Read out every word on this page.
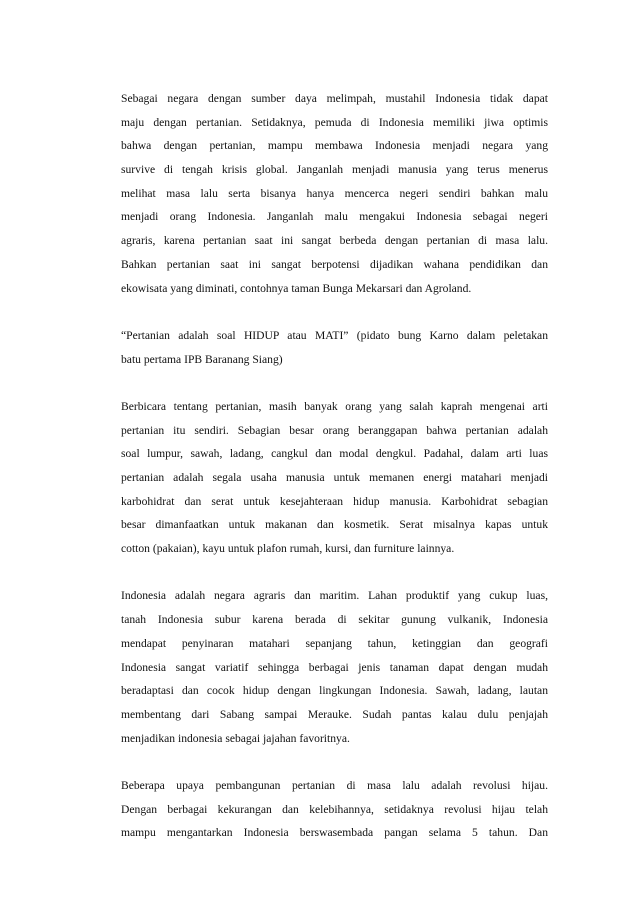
Sebagai negara dengan sumber daya melimpah, mustahil Indonesia tidak dapat
maju dengan pertanian. Setidaknya, pemuda di Indonesia memiliki jiwa optimis
bahwa dengan pertanian, mampu membawa Indonesia menjadi negara yang
survive di tengah krisis global. Janganlah menjadi manusia yang terus menerus
melihat masa lalu serta bisanya hanya mencerca negeri sendiri bahkan malu
menjadi orang Indonesia. Janganlah malu mengakui Indonesia sebagai negeri
agraris, karena pertanian saat ini sangat berbeda dengan pertanian di masa lalu.
Bahkan pertanian saat ini sangat berpotensi dijadikan wahana pendidikan dan
ekowisata yang diminati, contohnya taman Bunga Mekarsari dan Agroland.

“Pertanian adalah soal HIDUP atau MATI” (pidato bung Karno dalam peletakan
batu pertama IPB Baranang Siang)

Berbicara tentang pertanian, masih banyak orang yang salah kaprah mengenai arti
pertanian itu sendiri. Sebagian besar orang beranggapan bahwa pertanian adalah
soal lumpur, sawah, ladang, cangkul dan modal dengkul. Padahal, dalam arti luas
pertanian adalah segala usaha manusia untuk memanen energi matahari menjadi
karbohidrat dan serat untuk kesejahteraan hidup manusia. Karbohidrat sebagian
besar dimanfaatkan untuk makanan dan kosmetik. Serat misalnya kapas untuk
cotton (pakaian), kayu untuk plafon rumah, kursi, dan furniture lainnya.

Indonesia adalah negara agraris dan maritim. Lahan produktif yang cukup luas,
tanah Indonesia subur karena berada di sekitar gunung vulkanik, Indonesia
mendapat penyinaran matahari sepanjang tahun, ketinggian dan geografi
Indonesia sangat variatif sehingga berbagai jenis tanaman dapat dengan mudah
beradaptasi dan cocok hidup dengan lingkungan Indonesia. Sawah, ladang, lautan
membentang dari Sabang sampai Merauke. Sudah pantas kalau dulu penjajah
menjadikan indonesia sebagai jajahan favoritnya.

Beberapa upaya pembangunan pertanian di masa lalu adalah revolusi hijau.
Dengan berbagai kekurangan dan kelebihannya, setidaknya revolusi hijau telah
mampu mengantarkan Indonesia berswasembada pangan selama 5 tahun. Dan
